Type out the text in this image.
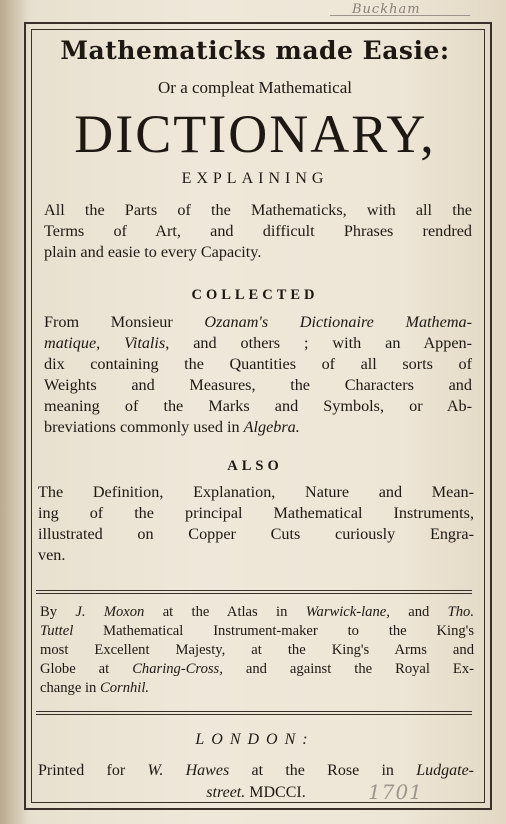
Buckham
Mathematicks made Easie:
Or a compleat Mathematical
DICTIONARY,
EXPLAINING
All the Parts of the Mathematicks, with all the
Terms of Art, and difficult Phrases rendred
plain and easie to every Capacity.
COLLECTED
From Monsieur Ozanam's Dictionaire Mathema-
matique, Vitalis, and others ; with an Appen-
dix containing the Quantities of all sorts of
Weights and Measures, the Characters and
meaning of the Marks and Symbols, or Ab-
breviations commonly used in Algebra.
ALSO
The Definition, Explanation, Nature and Mean-
ing of the principal Mathematical Instruments,
illustrated on Copper Cuts curiously Engra-
ven.
By J. Moxon at the Atlas in Warwick-lane, and Tho.
Tuttel Mathematical Instrument-maker to the King's
most Excellent Majesty, at the King's Arms and
Globe at Charing-Cross, and against the Royal Ex-
change in Cornhil.
LONDON:
Printed for W. Hawes at the Rose in Ludgate-
street. MDCCI.	1701
